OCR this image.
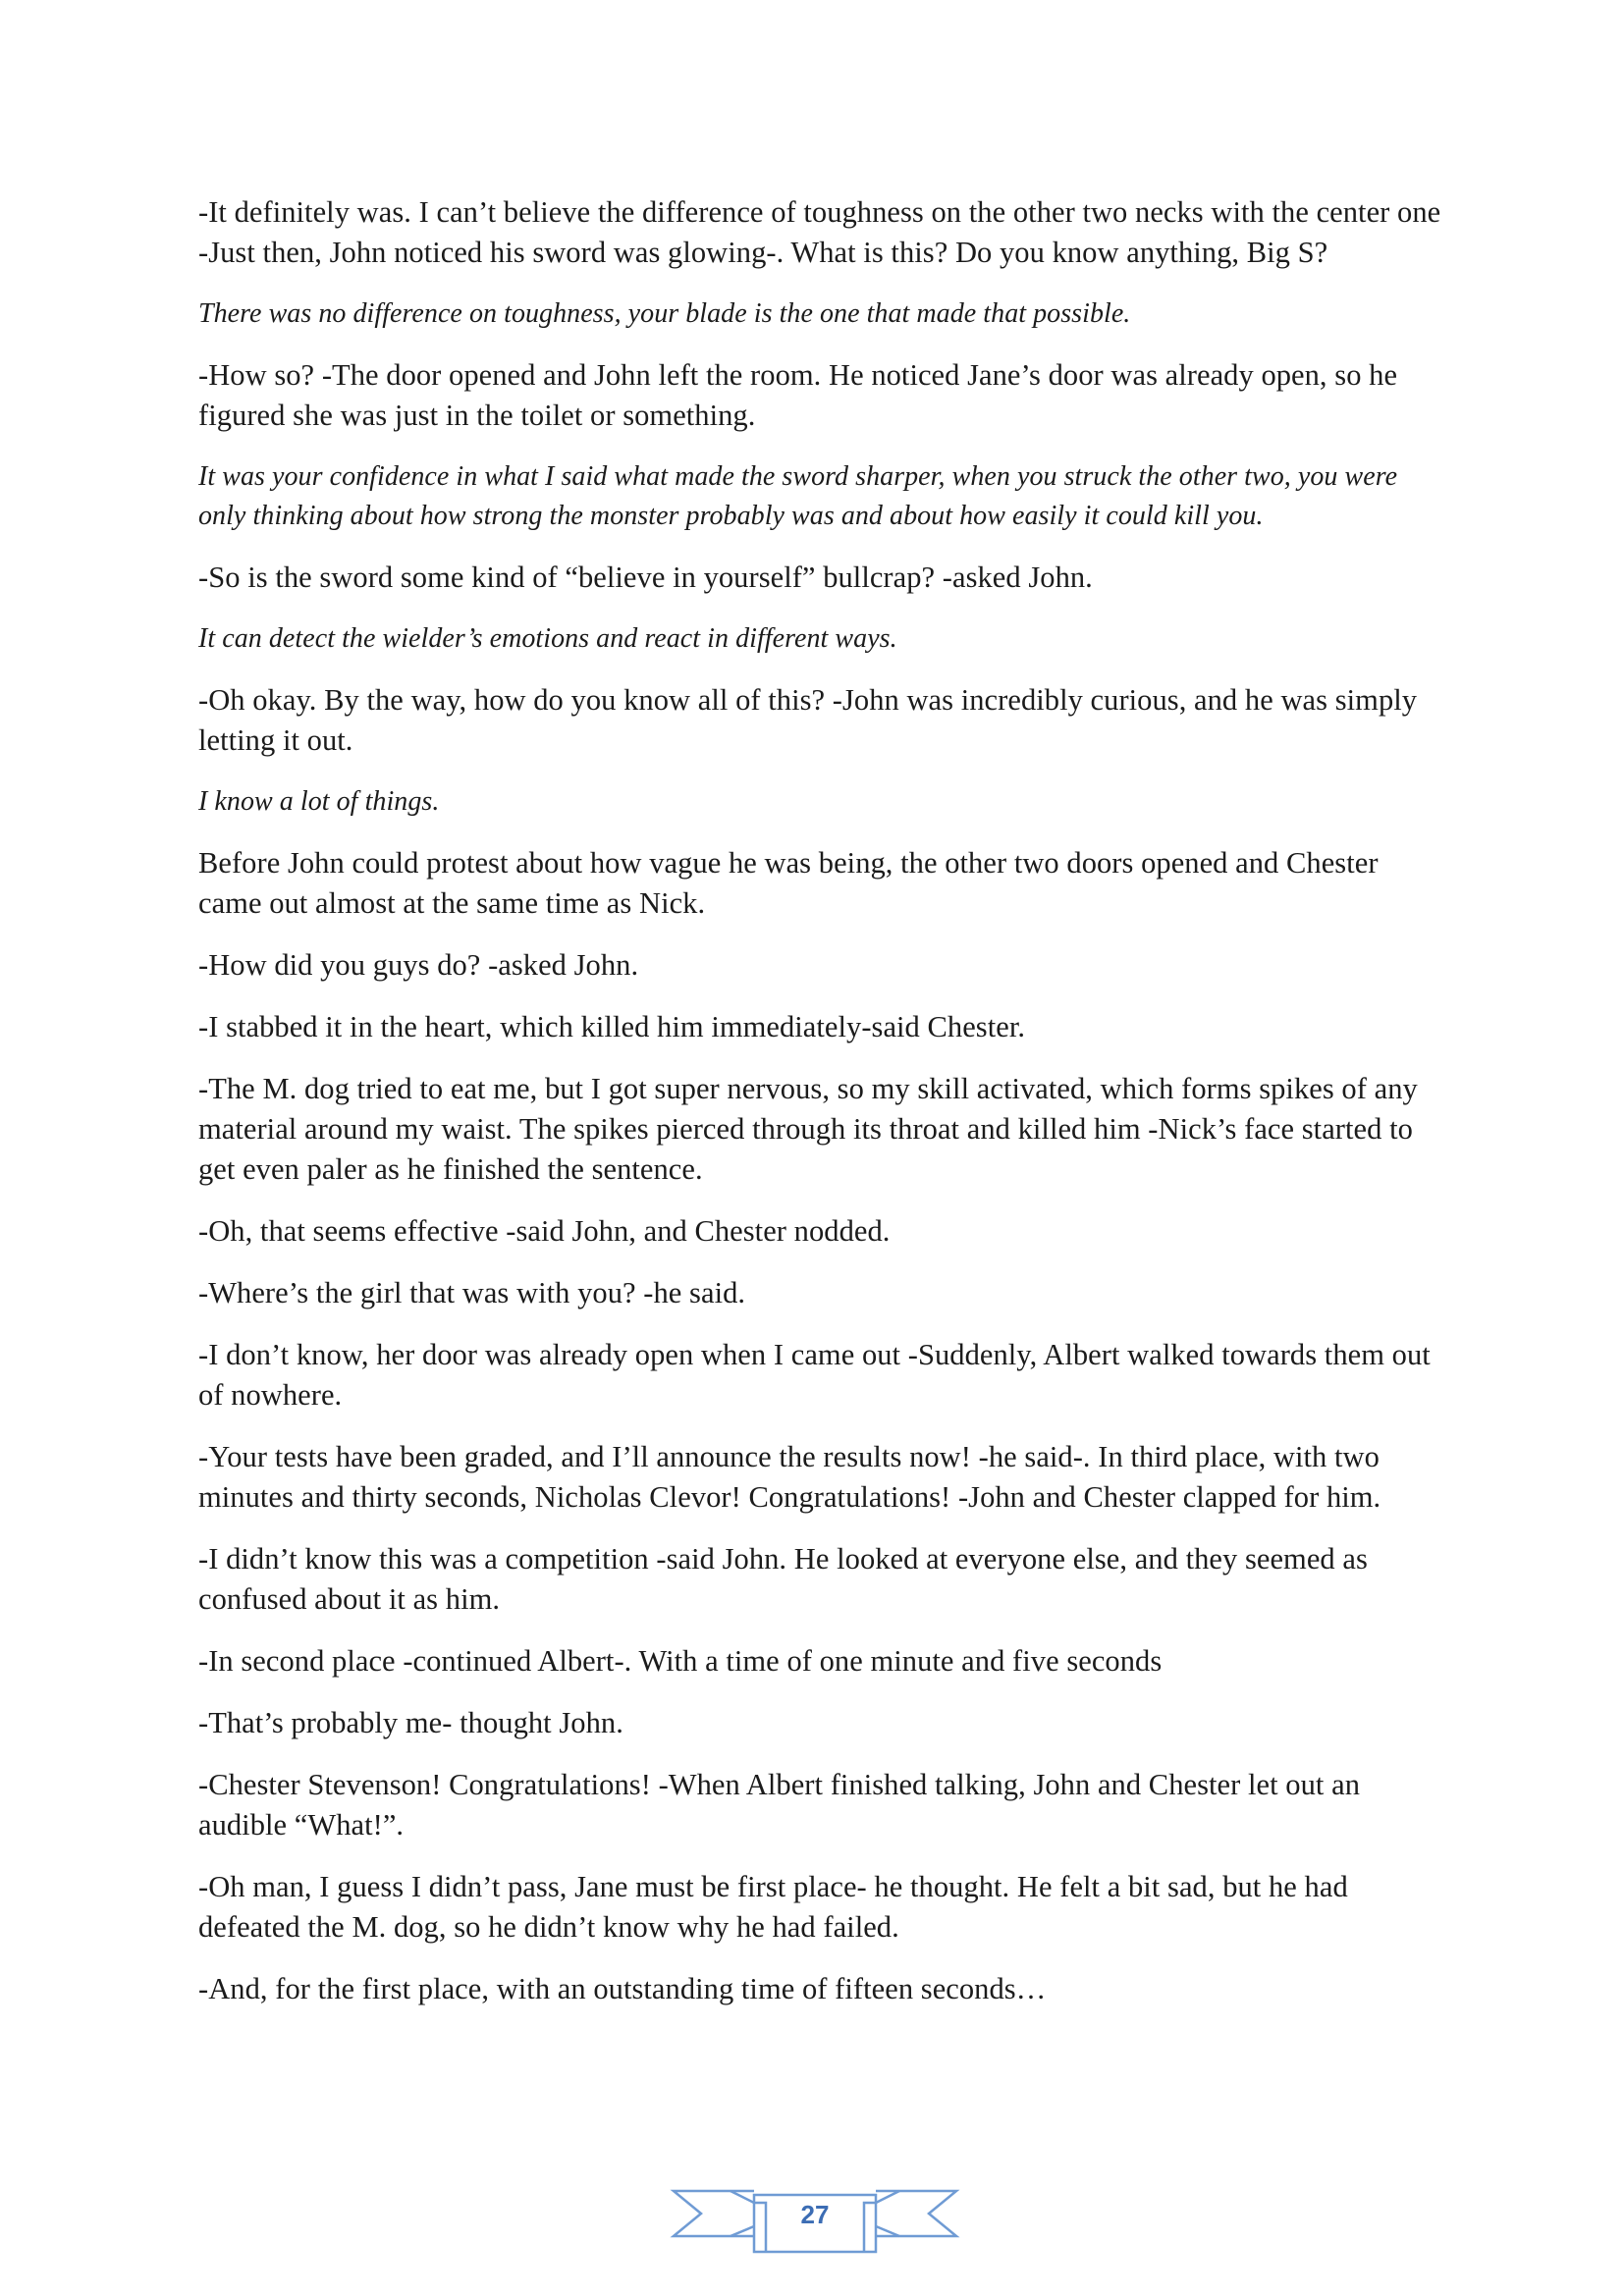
-It definitely was. I can’t believe the difference of toughness on the other two necks with the center one -Just then, John noticed his sword was glowing-. What is this? Do you know anything, Big S?

There was no difference on toughness, your blade is the one that made that possible.

-How so? -The door opened and John left the room. He noticed Jane’s door was already open, so he figured she was just in the toilet or something.

It was your confidence in what I said what made the sword sharper, when you struck the other two, you were only thinking about how strong the monster probably was and about how easily it could kill you.

-So is the sword some kind of “believe in yourself” bullcrap? -asked John.

It can detect the wielder’s emotions and react in different ways.

-Oh okay. By the way, how do you know all of this? -John was incredibly curious, and he was simply letting it out.

I know a lot of things.

Before John could protest about how vague he was being, the other two doors opened and Chester came out almost at the same time as Nick.

-How did you guys do? -asked John.

-I stabbed it in the heart, which killed him immediately-said Chester.

-The M. dog tried to eat me, but I got super nervous, so my skill activated, which forms spikes of any material around my waist. The spikes pierced through its throat and killed him -Nick’s face started to get even paler as he finished the sentence.

-Oh, that seems effective -said John, and Chester nodded.

-Where’s the girl that was with you? -he said.

-I don’t know, her door was already open when I came out -Suddenly, Albert walked towards them out of nowhere.

-Your tests have been graded, and I’ll announce the results now! -he said-. In third place, with two minutes and thirty seconds, Nicholas Clevor! Congratulations! -John and Chester clapped for him.

-I didn’t know this was a competition -said John. He looked at everyone else, and they seemed as confused about it as him.

-In second place -continued Albert-. With a time of one minute and five seconds

-That’s probably me- thought John.

-Chester Stevenson! Congratulations! -When Albert finished talking, John and Chester let out an audible “What!”.

-Oh man, I guess I didn’t pass, Jane must be first place- he thought. He felt a bit sad, but he had defeated the M. dog, so he didn’t know why he had failed.

-And, for the first place, with an outstanding time of fifteen seconds…

27
